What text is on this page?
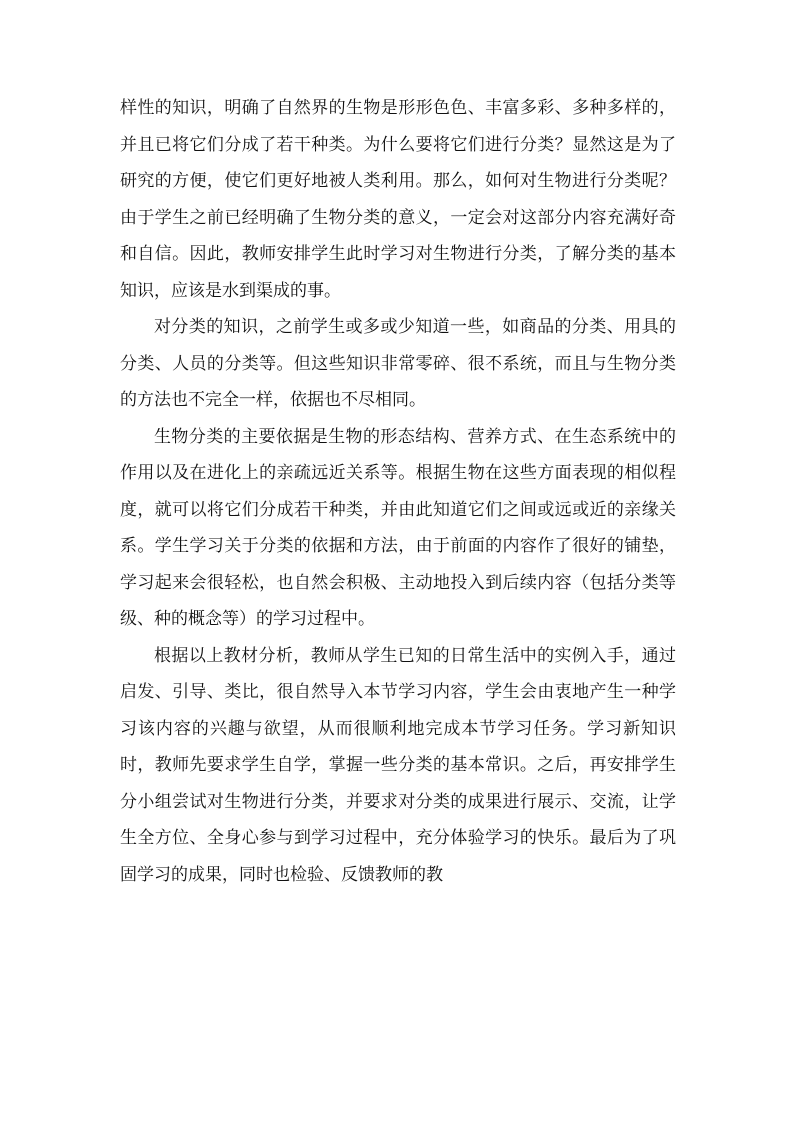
样性的知识，明确了自然界的生物是形形色色、丰富多彩、多种多样的，并且已将它们分成了若干种类。为什么要将它们进行分类？显然这是为了研究的方便，使它们更好地被人类利用。那么，如何对生物进行分类呢？由于学生之前已经明确了生物分类的意义，一定会对这部分内容充满好奇和自信。因此，教师安排学生此时学习对生物进行分类，了解分类的基本知识，应该是水到渠成的事。

对分类的知识，之前学生或多或少知道一些，如商品的分类、用具的分类、人员的分类等。但这些知识非常零碎、很不系统，而且与生物分类的方法也不完全一样，依据也不尽相同。

生物分类的主要依据是生物的形态结构、营养方式、在生态系统中的作用以及在进化上的亲疏远近关系等。根据生物在这些方面表现的相似程度，就可以将它们分成若干种类，并由此知道它们之间或远或近的亲缘关系。学生学习关于分类的依据和方法，由于前面的内容作了很好的铺垫，学习起来会很轻松，也自然会积极、主动地投入到后续内容（包括分类等级、种的概念等）的学习过程中。

根据以上教材分析，教师从学生已知的日常生活中的实例入手，通过启发、引导、类比，很自然导入本节学习内容，学生会由衷地产生一种学习该内容的兴趣与欲望，从而很顺利地完成本节学习任务。学习新知识时，教师先要求学生自学，掌握一些分类的基本常识。之后，再安排学生分小组尝试对生物进行分类，并要求对分类的成果进行展示、交流，让学生全方位、全身心参与到学习过程中，充分体验学习的快乐。最后为了巩固学习的成果，同时也检验、反馈教师的教
